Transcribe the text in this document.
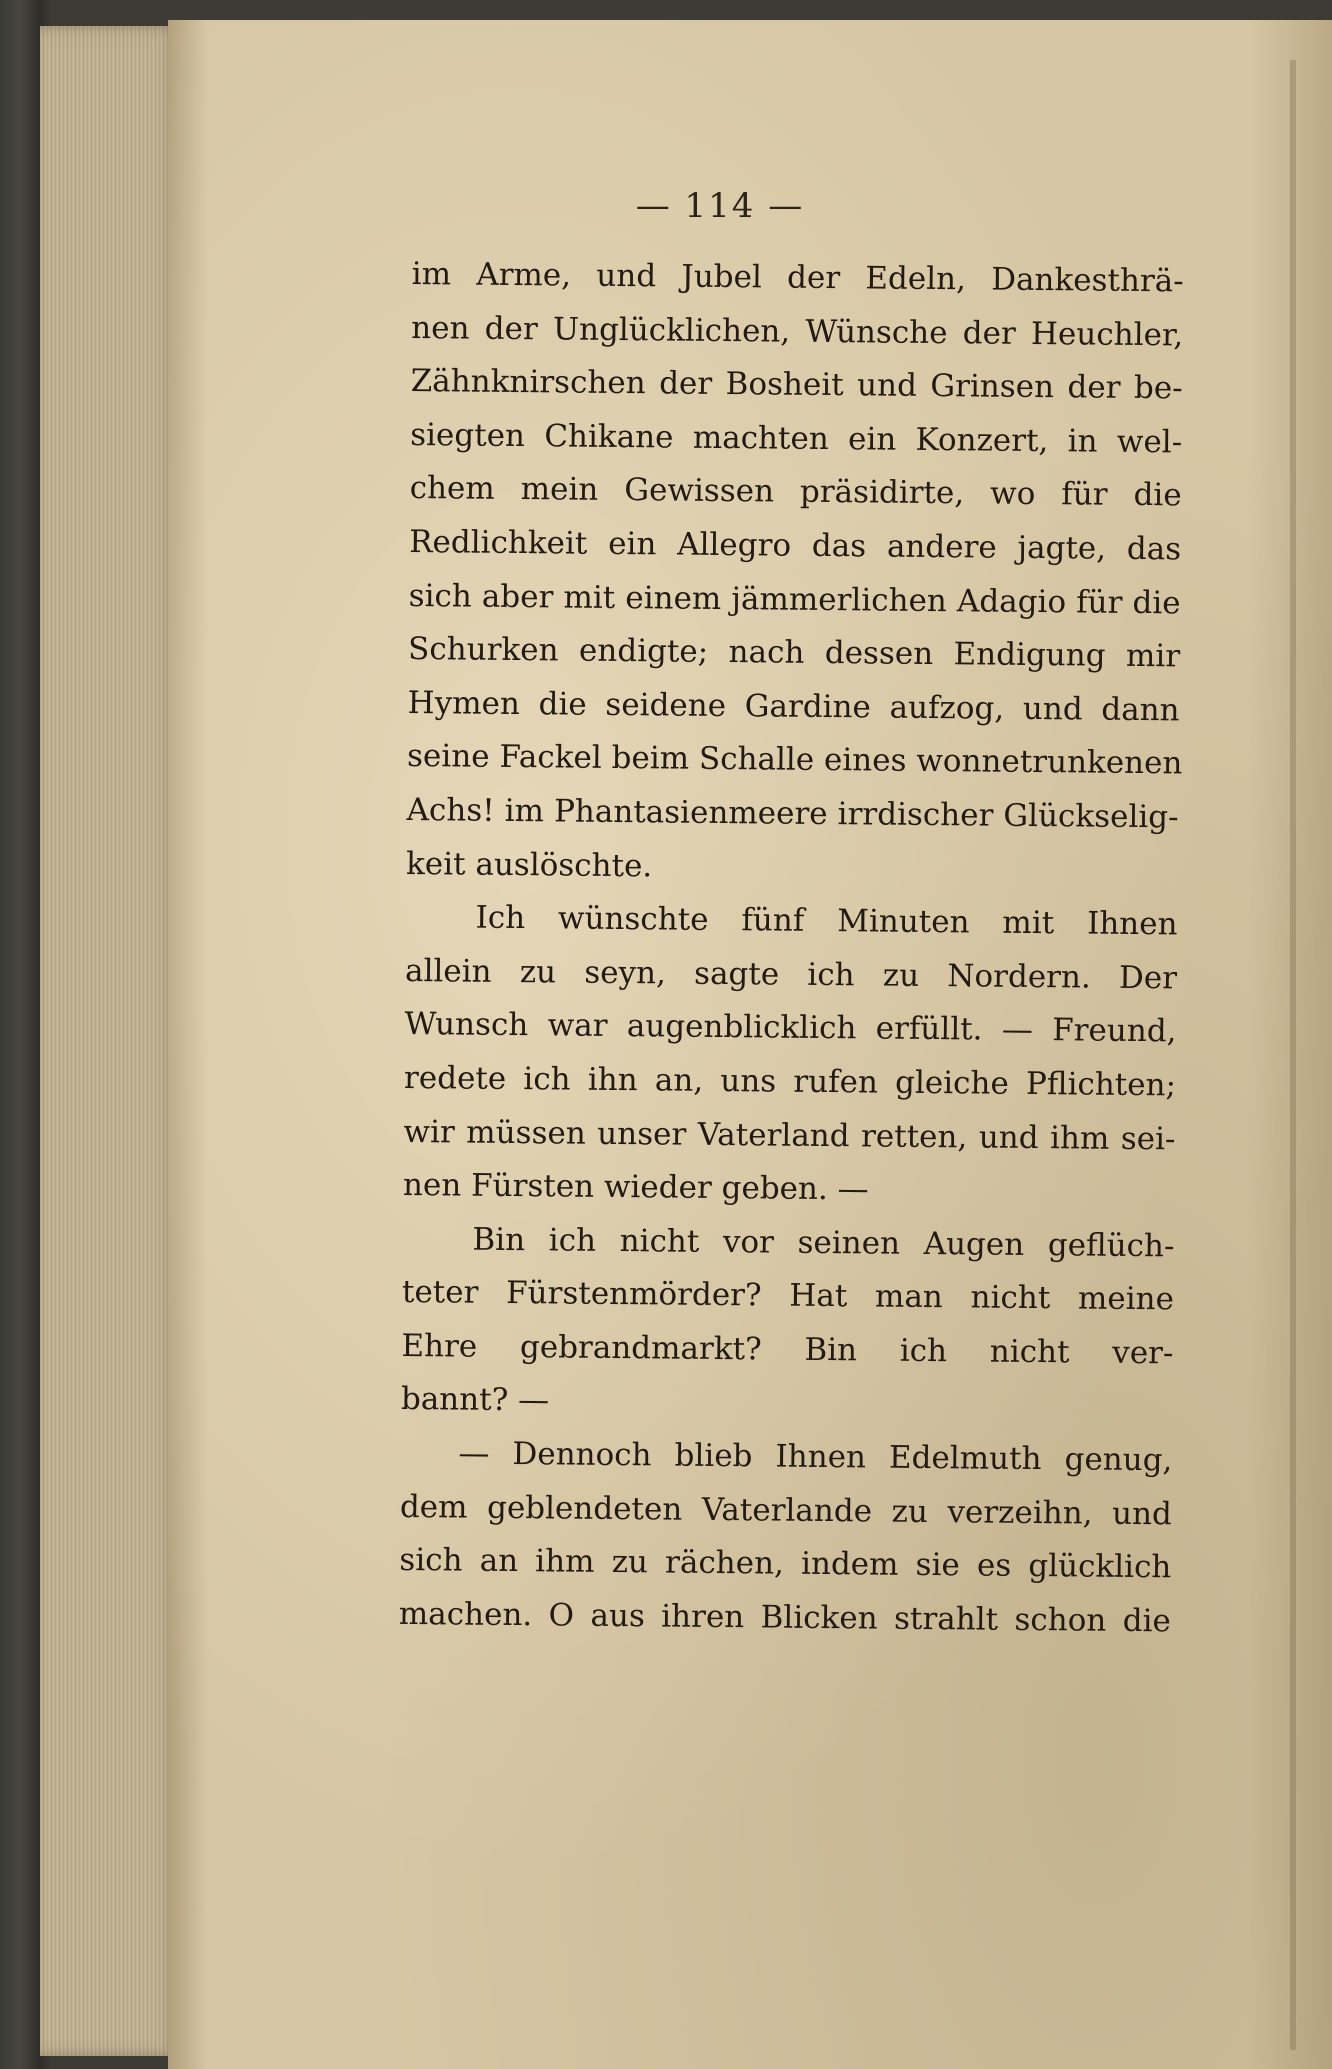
— 114 —

im Arme, und Jubel der Edeln, Dankesthrä-
nen der Unglücklichen, Wünsche der Heuchler,
Zähnknirschen der Bosheit und Grinsen der be-
siegten Chikane machten ein Konzert, in wel-
chem mein Gewissen präsidirte, wo für die
Redlichkeit ein Allegro das andere jagte, das
sich aber mit einem jämmerlichen Adagio für die
Schurken endigte; nach dessen Endigung mir
Hymen die seidene Gardine aufzog, und dann
seine Fackel beim Schalle eines wonnetrunkenen
Achs! im Phantasienmeere irrdischer Glückselig-
keit auslöschte.
Ich wünschte fünf Minuten mit Ihnen
allein zu seyn, sagte ich zu Nordern. Der
Wunsch war augenblicklich erfüllt. — Freund,
redete ich ihn an, uns rufen gleiche Pflichten;
wir müssen unser Vaterland retten, und ihm sei-
nen Fürsten wieder geben. —
Bin ich nicht vor seinen Augen geflüch-
teter Fürstenmörder? Hat man nicht meine
Ehre gebrandmarkt? Bin ich nicht ver-
bannt? —
— Dennoch blieb Ihnen Edelmuth genug,
dem geblendeten Vaterlande zu verzeihn, und
sich an ihm zu rächen, indem sie es glücklich
machen. O aus ihren Blicken strahlt schon die
